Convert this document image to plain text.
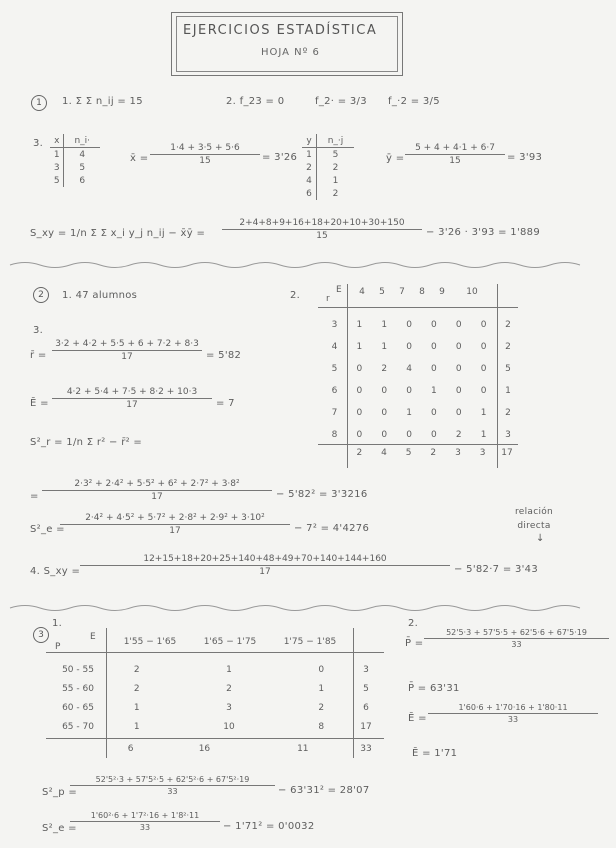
EJERCICIOS ESTADÍSTICA
HOJA Nº 6
1	1. Σ Σ n_ij = 15	2. f_23 = 0	f_2· = 3/3 f_·2 = 3/5
3. x	n_i·
1	4
3	5
5	6
x̄ =
1·4 + 3·5 + 5·6
15	= 3'26
y	n_·j
1	5
2	2
4	1
6	2
ȳ =
5 + 4 + 4·1 + 6·7
15	= 3'93
S_xy = 1/n Σ Σ x_i y_j n_ij − x̄ȳ =
2+4+8+9+16+18+20+10+30+150
15	− 3'26 · 3'93 = 1'889
2	1. 47 alumnos	2.	r
E 4	5	7	8	9	10
3	1	1	0	0	0	0	2
4	1	1	0	0	0	0	2
5	0	2	4	0	0	0	5
6	0	0	0	1	0	0	1
7	0	0	1	0	0	1	2
8	0	0	0	0	2	1	3
2	4	5	2	3	3	17
3.
r̄ =
3·2 + 4·2 + 5·5 + 6 + 7·2 + 8·3
17	= 5'82
Ē =
4·2 + 5·4 + 7·5 + 8·2 + 10·3
17	= 7
S²_r = 1/n Σ r² − r̄² =
=
2·3² + 2·4² + 5·5² + 6² + 2·7² + 3·8²
17	− 5'82² = 3'3216
S²_e =
2·4² + 4·5² + 5·7² + 2·8² + 2·9² + 3·10²
17	− 7² = 4'4276
relación directa
↓
4. S_xy =
12+15+18+20+25+140+48+49+70+140+144+160
17	− 5'82·7 = 3'43
3
1.
P
E	1'55 − 1'65	1'65 − 1'75	1'75 − 1'85
50 - 55	2	1	0	3
55 - 60	2	2	1	5
60 - 65	1	3	2	6
65 - 70	1	10	8	17
6	16	11	33
2.
P̄ =
52'5·3 + 57'5·5 + 62'5·6 + 67'5·19
33
P̄ = 63'31
Ē =
1'60·6 + 1'70·16 + 1'80·11
33
Ē = 1'71
S²_p =
52'5²·3 + 57'5²·5 + 62'5²·6 + 67'5²·19
33	− 63'31² = 28'07
S²_e =
1'60²·6 + 1'7²·16 + 1'8²·11
33	− 1'71² = 0'0032
